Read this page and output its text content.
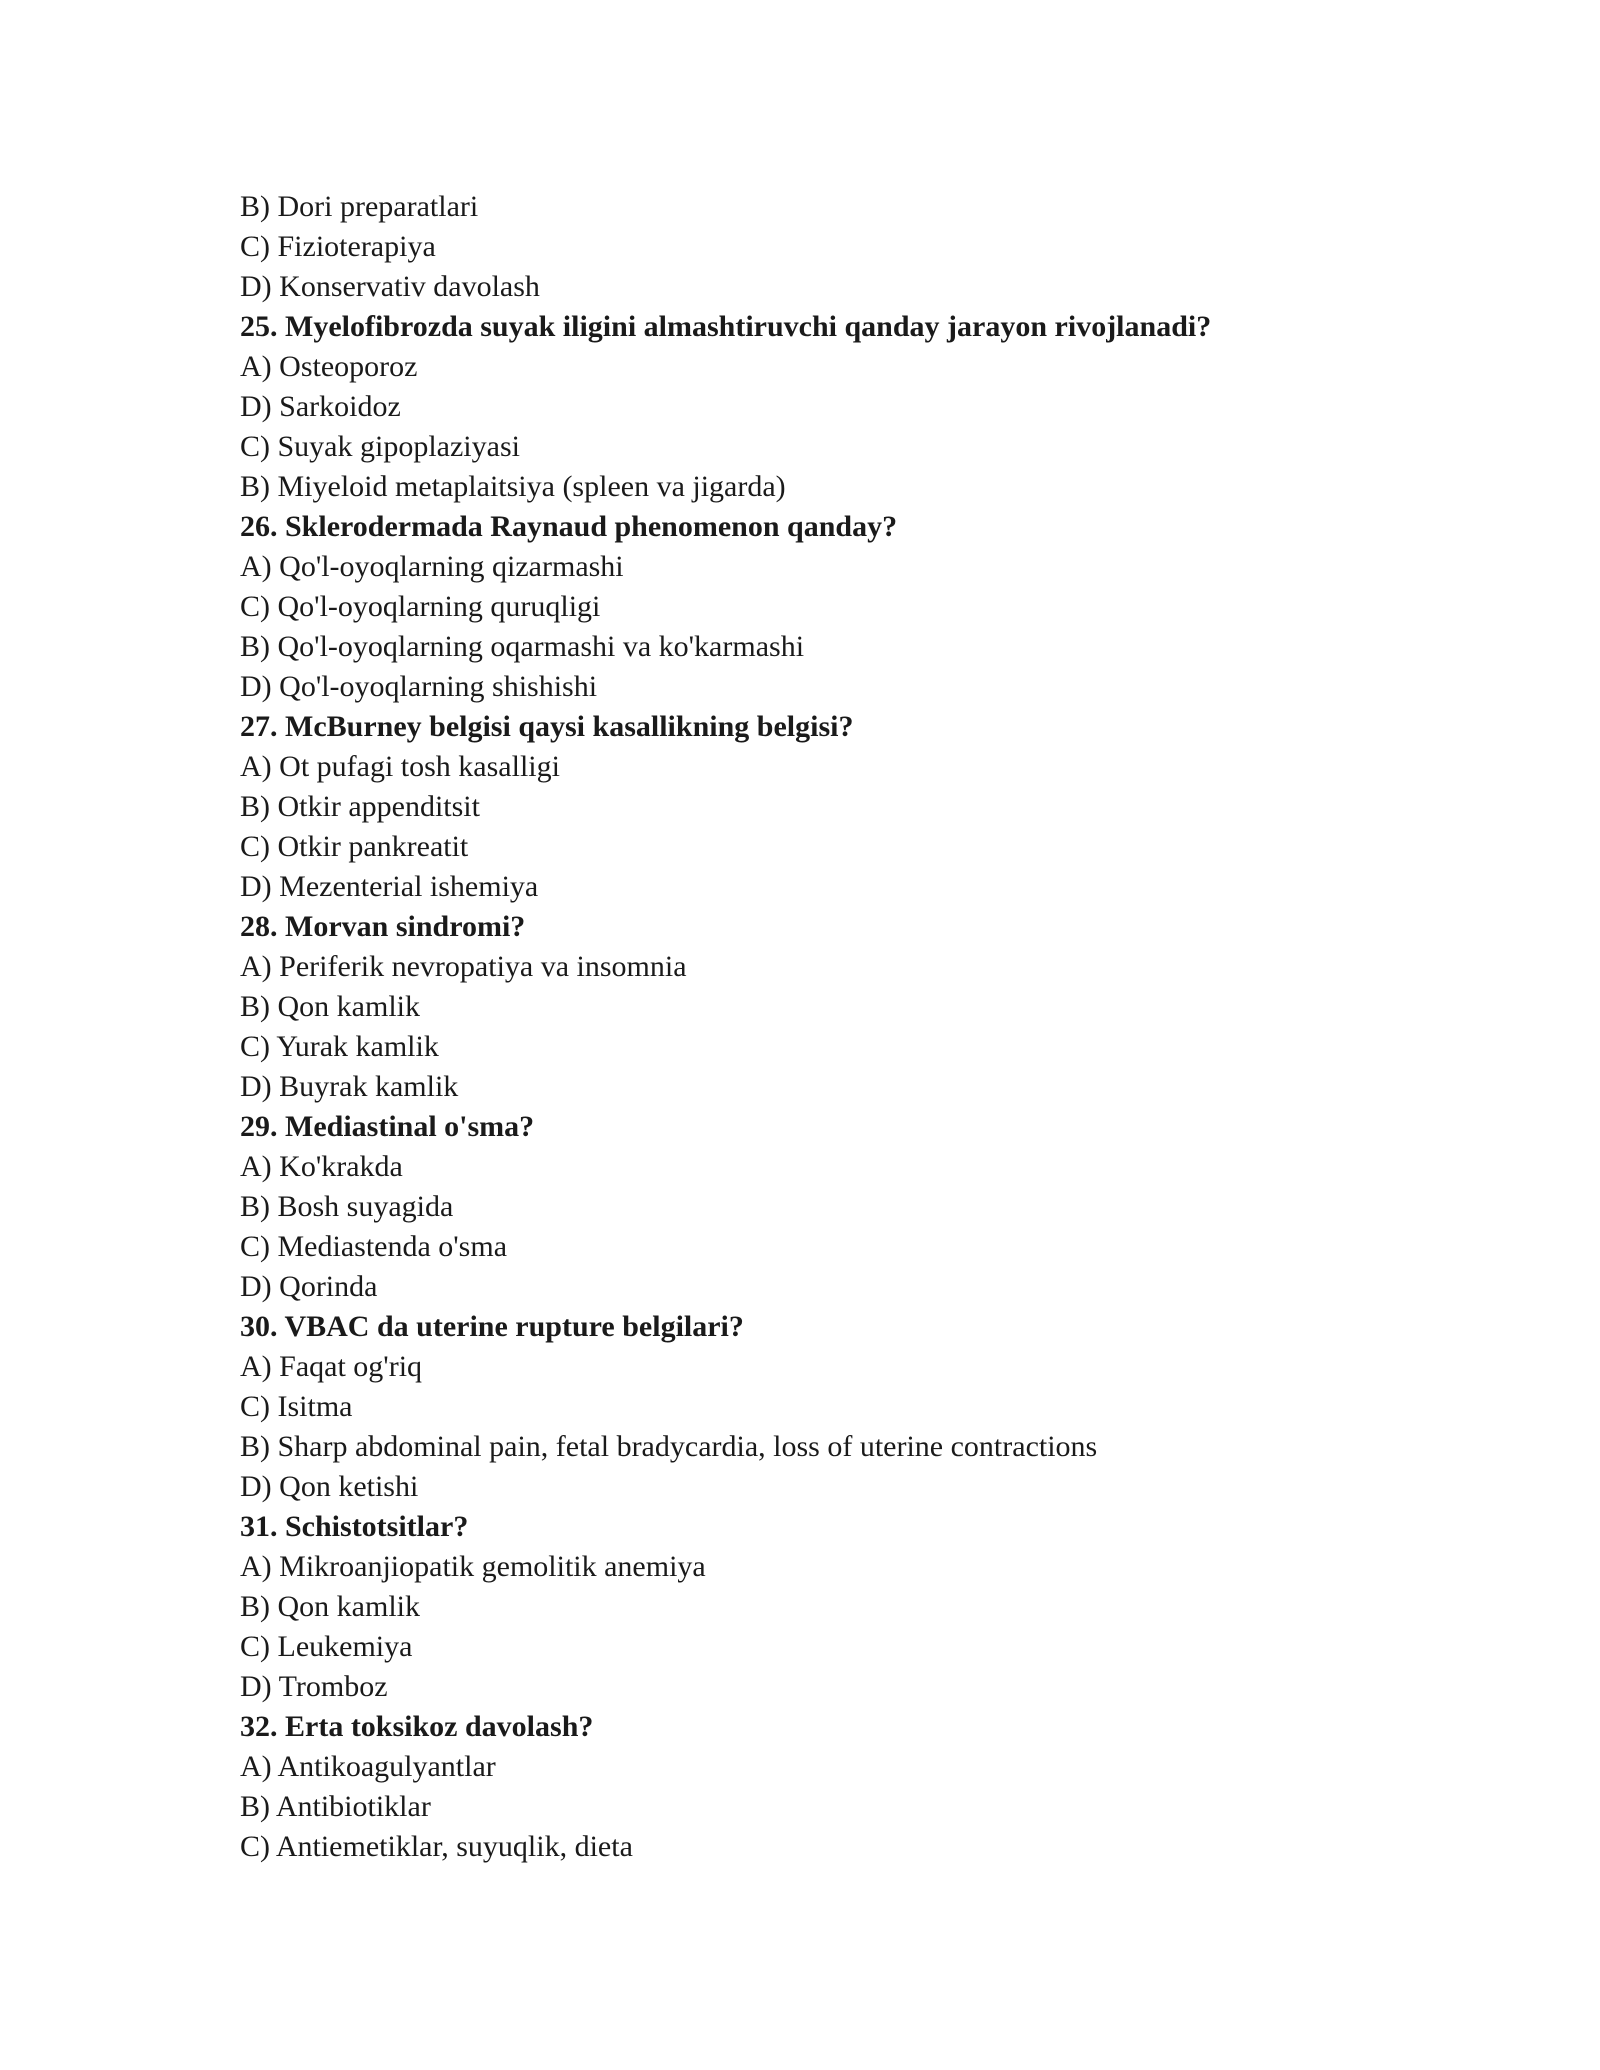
B) Dori preparatlari
C) Fizioterapiya
D) Konservativ davolash
25. Myelofibrozda suyak iligini almashtiruvchi qanday jarayon rivojlanadi?
A) Osteoporoz
D) Sarkoidoz
C) Suyak gipoplaziyasi
B) Miyeloid metaplaitsiya (spleen va jigarda)
26. Sklerodermada Raynaud phenomenon qanday?
A) Qo'l-oyoqlarning qizarmashi
C) Qo'l-oyoqlarning quruqligi
B) Qo'l-oyoqlarning oqarmashi va ko'karmashi
D) Qo'l-oyoqlarning shishishi
27. McBurney belgisi qaysi kasallikning belgisi?
A) Ot pufagi tosh kasalligi
B) Otkir appenditsit
C) Otkir pankreatit
D) Mezenterial ishemiya
28. Morvan sindromi?
A) Periferik nevropatiya va insomnia
B) Qon kamlik
C) Yurak kamlik
D) Buyrak kamlik
29. Mediastinal o'sma?
A) Ko'krakda
B) Bosh suyagida
C) Mediastenda o'sma
D) Qorinda
30. VBAC da uterine rupture belgilari?
A) Faqat og'riq
C) Isitma
B) Sharp abdominal pain, fetal bradycardia, loss of uterine contractions
D) Qon ketishi
31. Schistotsitlar?
A) Mikroanjiopatik gemolitik anemiya
B) Qon kamlik
C) Leukemiya
D) Tromboz
32. Erta toksikoz davolash?
A) Antikoagulyantlar
B) Antibiotiklar
C) Antiemetiklar, suyuqlik, dieta
